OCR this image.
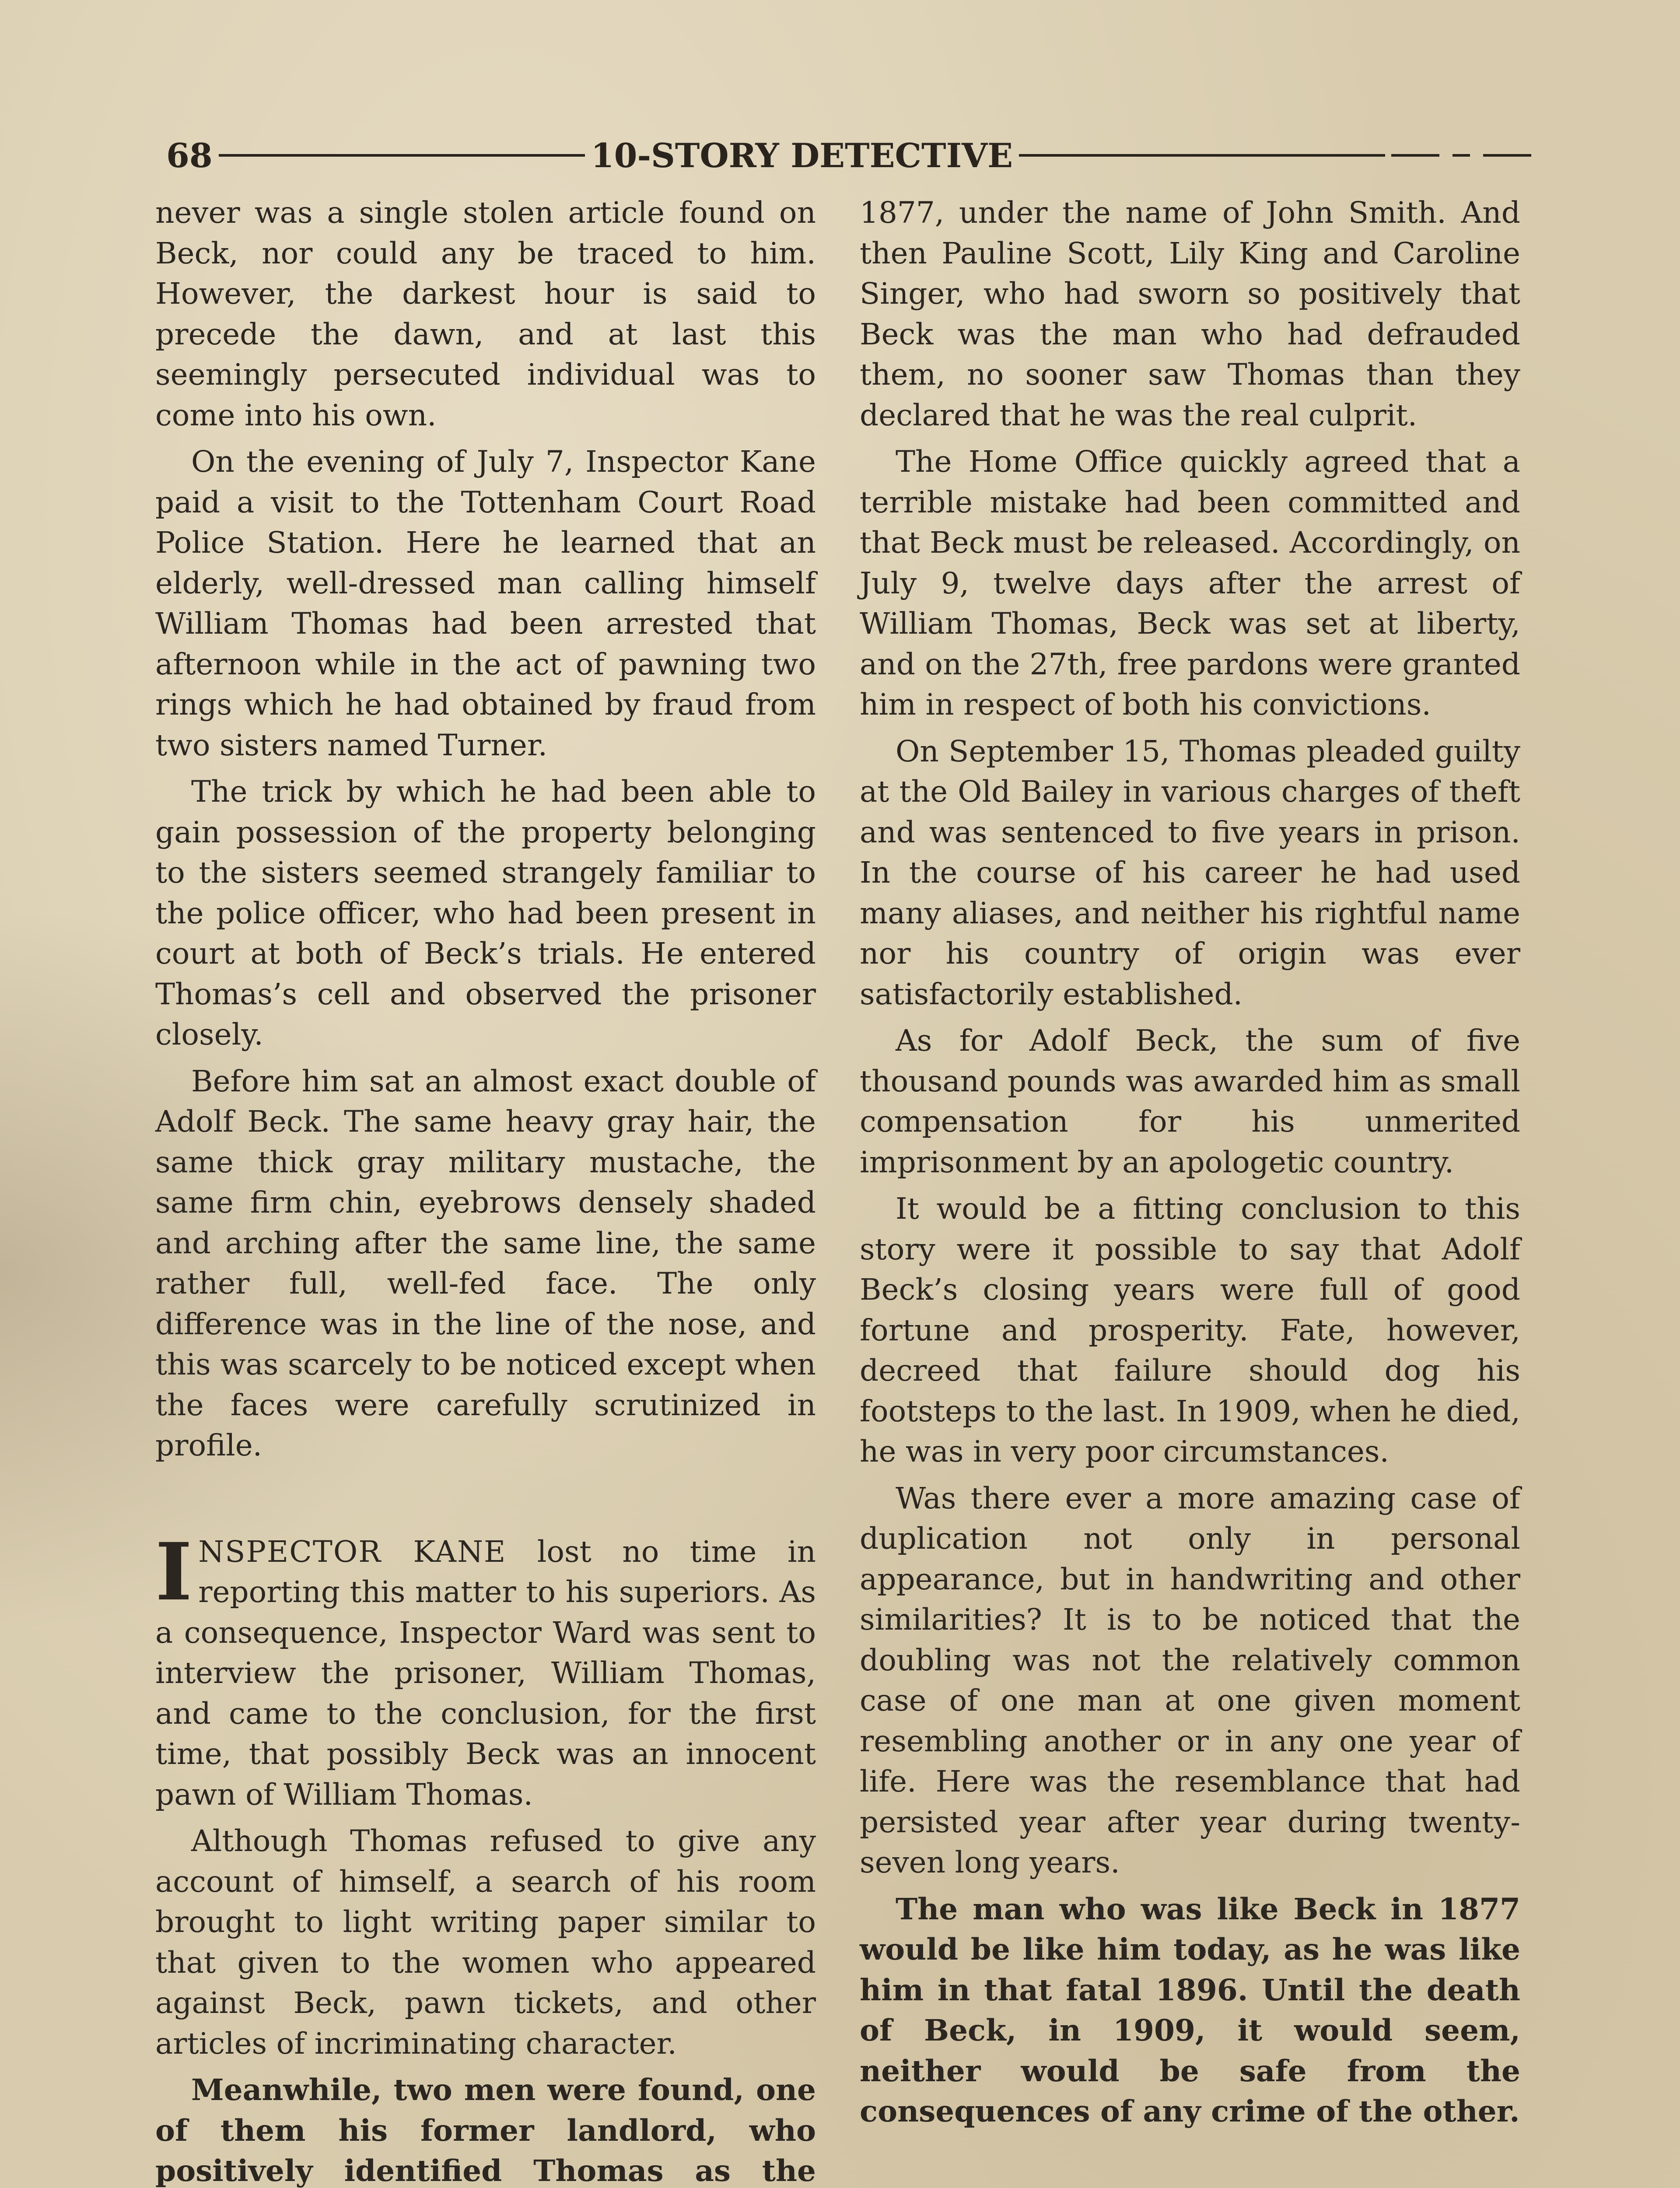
68	10-STORY DETECTIVE

never was a single stolen article found on Beck, nor could any be traced to him. However, the darkest hour is said to precede the dawn, and at last this seemingly persecuted individual was to come into his own.

On the evening of July 7, Inspector Kane paid a visit to the Tottenham Court Road Police Station. Here he learned that an elderly, well-dressed man calling himself William Thomas had been arrested that afternoon while in the act of pawning two rings which he had obtained by fraud from two sisters named Turner.

The trick by which he had been able to gain possession of the property belonging to the sisters seemed strangely familiar to the police officer, who had been present in court at both of Beck’s trials. He entered Thomas’s cell and observed the prisoner closely.

Before him sat an almost exact double of Adolf Beck. The same heavy gray hair, the same thick gray military mustache, the same firm chin, eyebrows densely shaded and arching after the same line, the same rather full, well-fed face. The only difference was in the line of the nose, and this was scarcely to be noticed except when the faces were carefully scrutinized in profile.

INSPECTOR KANE lost no time in reporting this matter to his superiors. As a consequence, Inspector Ward was sent to interview the prisoner, William Thomas, and came to the conclusion, for the first time, that possibly Beck was an innocent pawn of William Thomas.

Although Thomas refused to give any account of himself, a search of his room brought to light writing paper similar to that given to the women who appeared against Beck, pawn tickets, and other articles of incriminating character.

Meanwhile, two men were found, one of them his former landlord, who positively identified Thomas as the

1877, under the name of John Smith. And then Pauline Scott, Lily King and Caroline Singer, who had sworn so positively that Beck was the man who had defrauded them, no sooner saw Thomas than they declared that he was the real culprit.

The Home Office quickly agreed that a terrible mistake had been committed and that Beck must be released. Accordingly, on July 9, twelve days after the arrest of William Thomas, Beck was set at liberty, and on the 27th, free pardons were granted him in respect of both his convictions.

On September 15, Thomas pleaded guilty at the Old Bailey in various charges of theft and was sentenced to five years in prison. In the course of his career he had used many aliases, and neither his rightful name nor his country of origin was ever satisfactorily established.

As for Adolf Beck, the sum of five thousand pounds was awarded him as small compensation for his unmerited imprisonment by an apologetic country.

It would be a fitting conclusion to this story were it possible to say that Adolf Beck’s closing years were full of good fortune and prosperity. Fate, however, decreed that failure should dog his footsteps to the last. In 1909, when he died, he was in very poor circumstances.

Was there ever a more amazing case of duplication not only in personal appearance, but in handwriting and other similarities? It is to be noticed that the doubling was not the relatively common case of one man at one given moment resembling another or in any one year of life. Here was the resemblance that had persisted year after year during twenty-seven long years.

The man who was like Beck in 1877 would be like him today, as he was like him in that fatal 1896. Until the death of Beck, in 1909, it would seem, neither would be safe from the consequences of any crime of the other.
